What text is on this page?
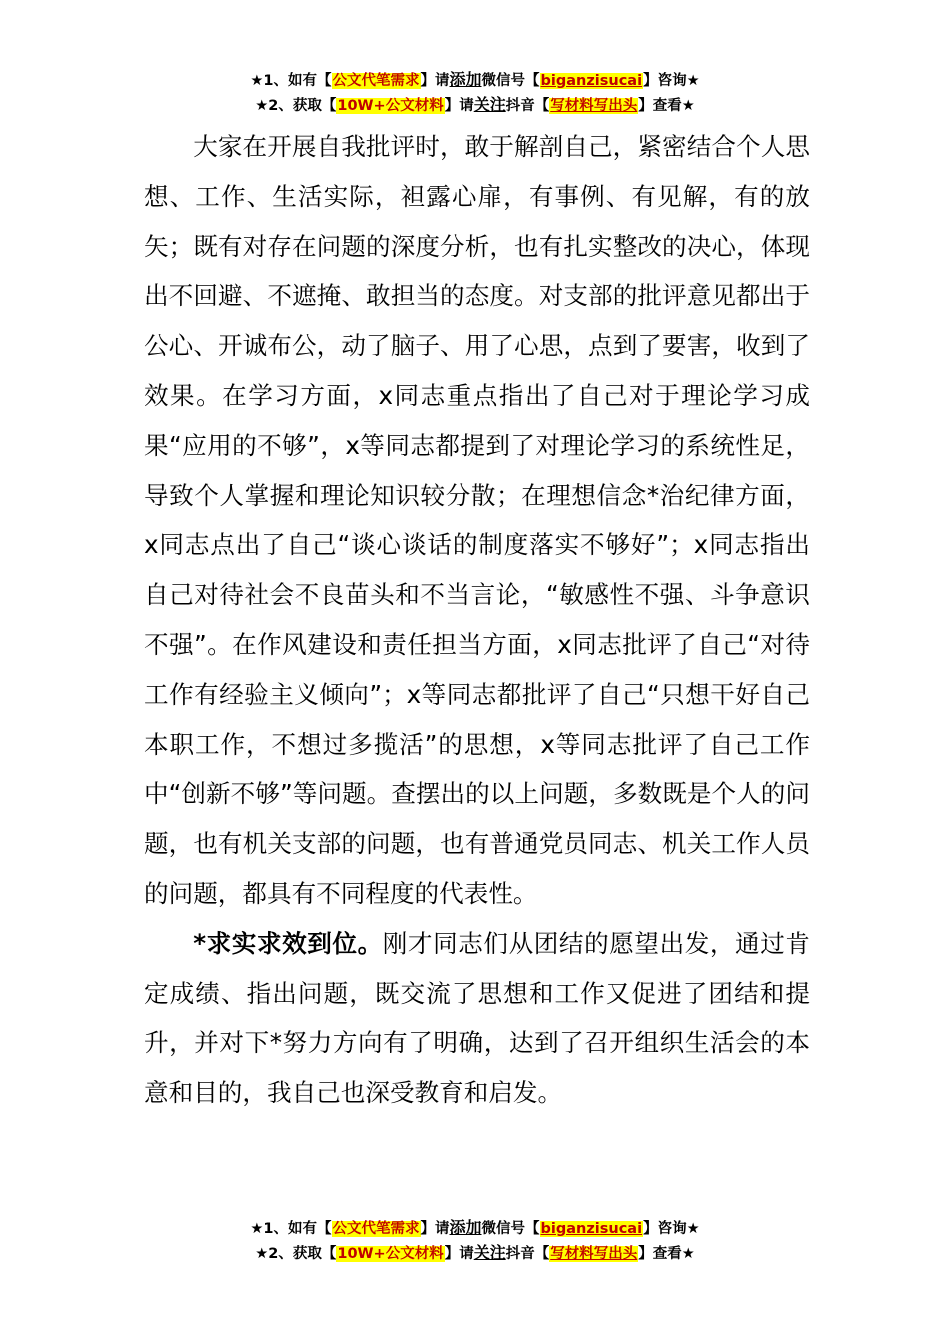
★1、如有【公文代笔需求】请添加微信号【biganzisucai】咨询★
★2、获取【10W+公文材料】请关注抖音【写材料写出头】查看★

大家在开展自我批评时，敢于解剖自己，紧密结合个人思想、工作、生活实际，袒露心扉，有事例、有见解，有的放矢；既有对存在问题的深度分析，也有扎实整改的决心，体现出不回避、不遮掩、敢担当的态度。对支部的批评意见都出于公心、开诚布公，动了脑子、用了心思，点到了要害，收到了效果。在学习方面，x同志重点指出了自己对于理论学习成果“应用的不够”，x等同志都提到了对理论学习的系统性足，导致个人掌握和理论知识较分散；在理想信念*治纪律方面，x同志点出了自己“谈心谈话的制度落实不够好”；x同志指出自己对待社会不良苗头和不当言论，“敏感性不强、斗争意识不强”。在作风建设和责任担当方面，x同志批评了自己“对待工作有经验主义倾向”；x等同志都批评了自己“只想干好自己本职工作，不想过多揽活”的思想，x等同志批评了自己工作中“创新不够”等问题。查摆出的以上问题，多数既是个人的问题，也有机关支部的问题，也有普通党员同志、机关工作人员的问题，都具有不同程度的代表性。

*求实求效到位。刚才同志们从团结的愿望出发，通过肯定成绩、指出问题，既交流了思想和工作又促进了团结和提升，并对下*努力方向有了明确，达到了召开组织生活会的本意和目的，我自己也深受教育和启发。

★1、如有【公文代笔需求】请添加微信号【biganzisucai】咨询★
★2、获取【10W+公文材料】请关注抖音【写材料写出头】查看★
